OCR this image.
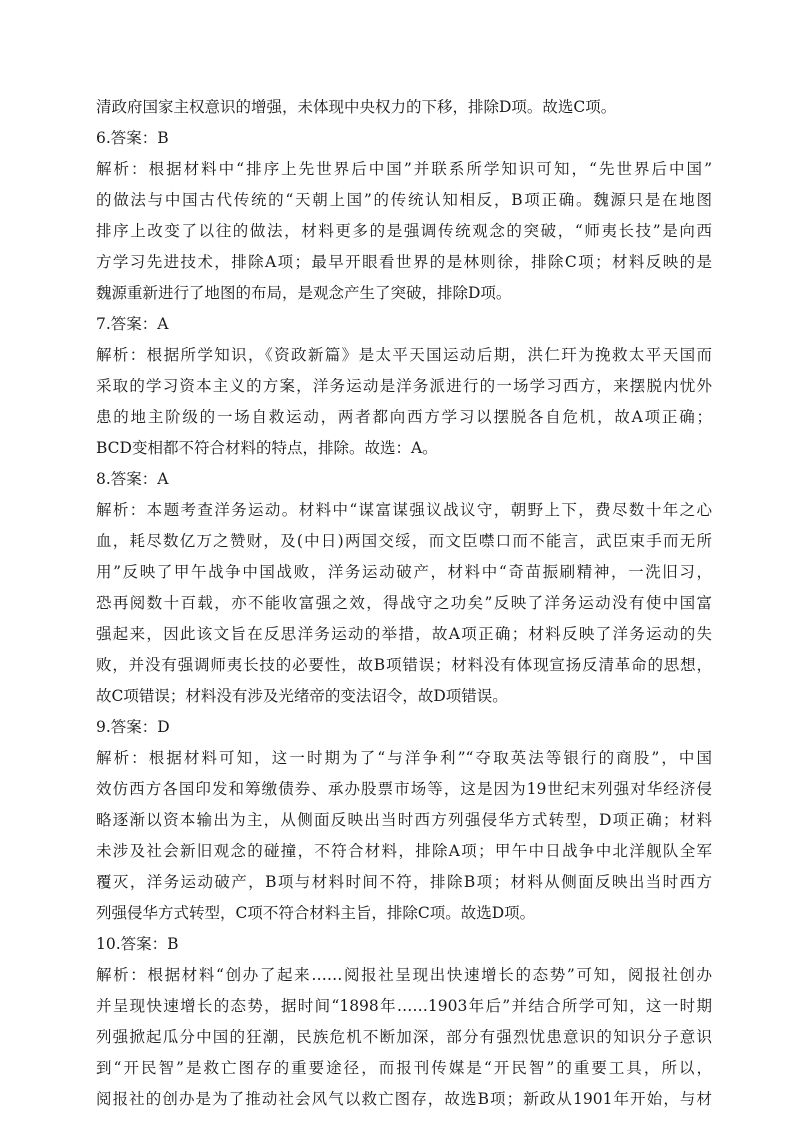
清政府国家主权意识的增强，未体现中央权力的下移，排除D项。故选C项。
6.答案：B
解析：根据材料中“排序上先世界后中国”并联系所学知识可知，“先世界后中国”
的做法与中国古代传统的“天朝上国”的传统认知相反，B项正确。魏源只是在地图
排序上改变了以往的做法，材料更多的是强调传统观念的突破，“师夷长技”是向西
方学习先进技术，排除A项；最早开眼看世界的是林则徐，排除C项；材料反映的是
魏源重新进行了地图的布局，是观念产生了突破，排除D项。
7.答案：A
解析：根据所学知识，《资政新篇》是太平天国运动后期，洪仁玕为挽救太平天国而
采取的学习资本主义的方案，洋务运动是洋务派进行的一场学习西方，来摆脱内忧外
患的地主阶级的一场自救运动，两者都向西方学习以摆脱各自危机，故A项正确；
BCD变相都不符合材料的特点，排除。故选：A。
8.答案：A
解析：本题考查洋务运动。材料中“谋富谋强议战议守，朝野上下，费尽数十年之心
血，耗尽数亿万之赞财，及(中日)两国交绥，而文臣噤口而不能言，武臣束手而无所
用”反映了甲午战争中国战败，洋务运动破产，材料中“奇苗振刷精神，一洗旧习，
恐再阅数十百载，亦不能收富强之效，得战守之功矣”反映了洋务运动没有使中国富
强起来，因此该文旨在反思洋务运动的举措，故A项正确；材料反映了洋务运动的失
败，并没有强调师夷长技的必要性，故B项错误；材料没有体现宣扬反清革命的思想，
故C项错误；材料没有涉及光绪帝的变法诏令，故D项错误。
9.答案：D
解析：根据材料可知，这一时期为了“与洋争利”“夺取英法等银行的商股”，中国
效仿西方各国印发和筹缴债券、承办股票市场等，这是因为19世纪末列强对华经济侵
略逐渐以资本输出为主，从侧面反映出当时西方列强侵华方式转型，D项正确；材料
未涉及社会新旧观念的碰撞，不符合材料，排除A项；甲午中日战争中北洋舰队全军
覆灭，洋务运动破产，B项与材料时间不符，排除B项；材料从侧面反映出当时西方
列强侵华方式转型，C项不符合材料主旨，排除C项。故选D项。
10.答案：B
解析：根据材料“创办了起来……阅报社呈现出快速增长的态势”可知，阅报社创办
并呈现快速增长的态势，据时间“1898年……1903年后”并结合所学可知，这一时期
列强掀起瓜分中国的狂潮，民族危机不断加深，部分有强烈忧患意识的知识分子意识
到“开民智”是救亡图存的重要途径，而报刊传媒是“开民智”的重要工具，所以，
阅报社的创办是为了推动社会风气以救亡图存，故选B项；新政从1901年开始，与材
